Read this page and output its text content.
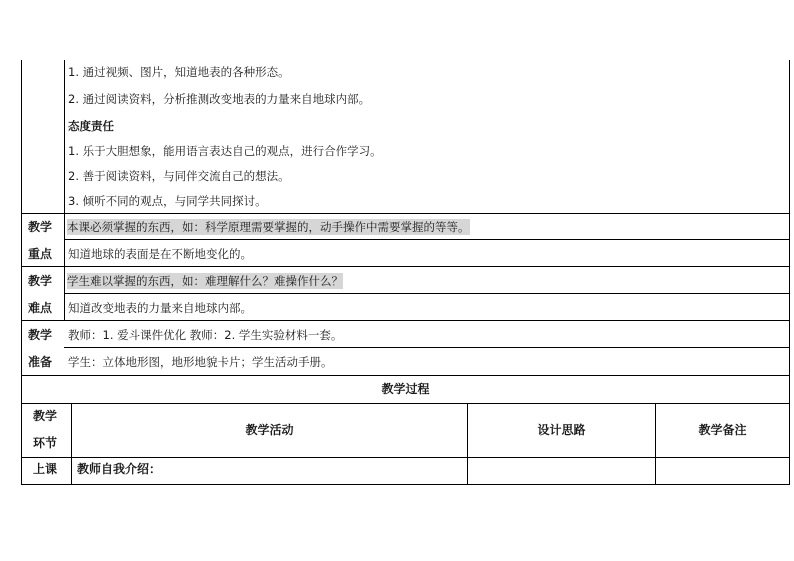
1. 通过视频、图片，知道地表的各种形态。
2. 通过阅读资料，分析推测改变地表的力量来自地球内部。
态度责任
1. 乐于大胆想象，能用语言表达自己的观点，进行合作学习。
2. 善于阅读资料，与同伴交流自己的想法。
3. 倾听不同的观点，与同学共同探讨。
教学
重点
本课必须掌握的东西，如：科学原理需要掌握的，动手操作中需要掌握的等等。
知道地球的表面是在不断地变化的。
教学
难点
学生难以掌握的东西，如：难理解什么？难操作什么？
知道改变地表的力量来自地球内部。
教学
准备
教师：1. 爱斗课件优化 教师：2. 学生实验材料一套。
学生：立体地形图，地形地貌卡片；学生活动手册。
教学过程
教学
环节
教学活动	设计思路	教学备注
上课 教师自我介绍：
